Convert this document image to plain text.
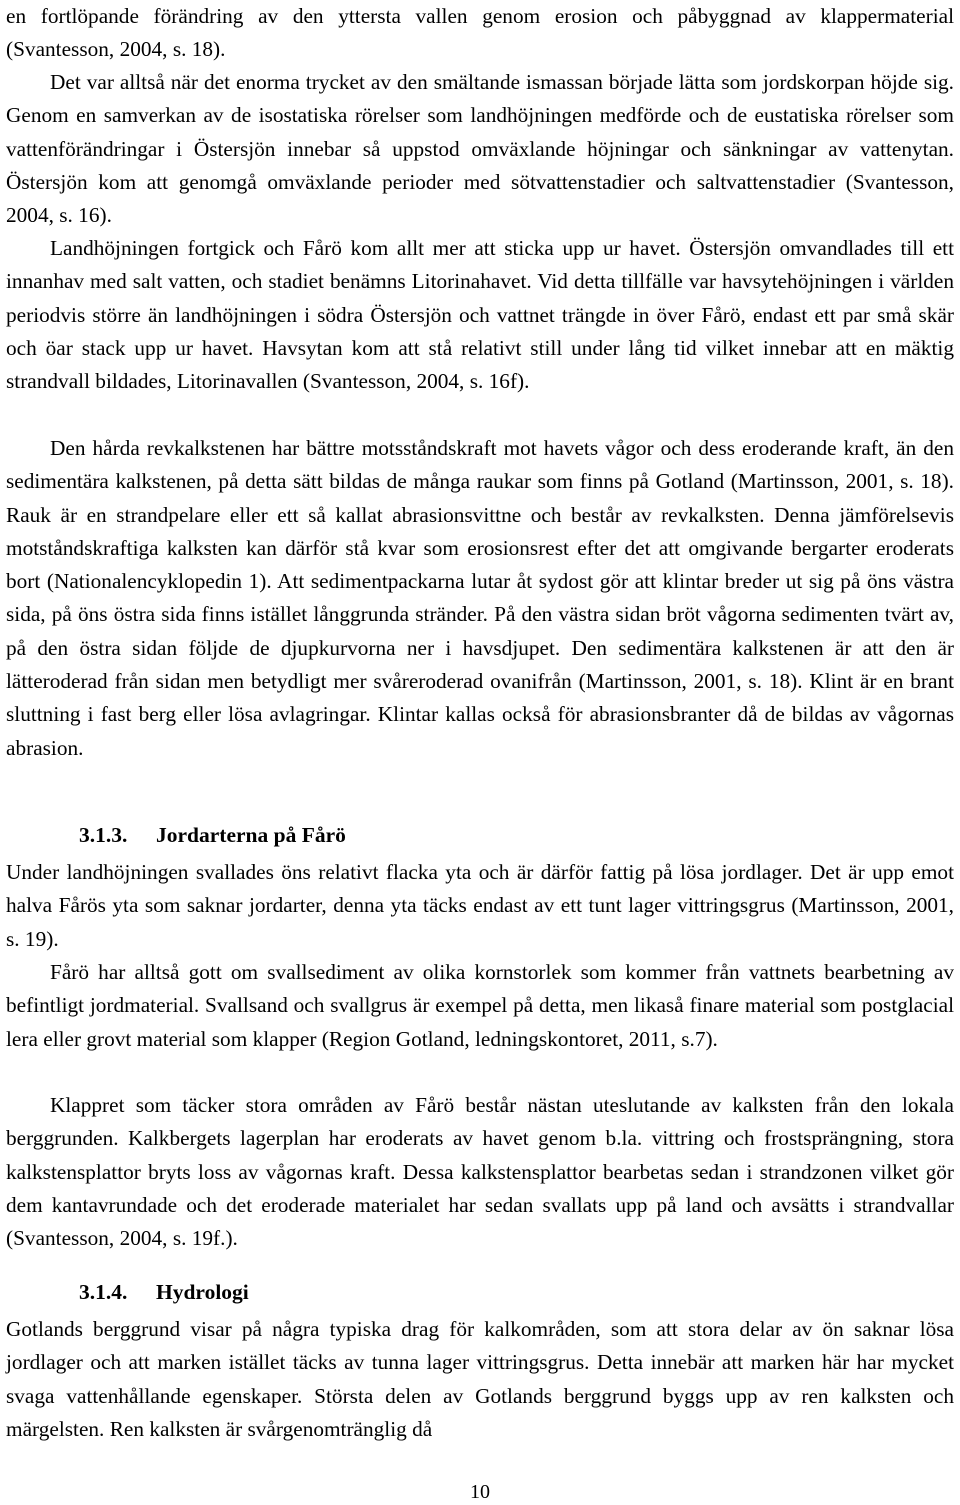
en fortlöpande förändring av den yttersta vallen genom erosion och påbyggnad av klappermaterial (Svantesson, 2004, s. 18).

Det var alltså när det enorma trycket av den smältande ismassan började lätta som jordskorpan höjde sig. Genom en samverkan av de isostatiska rörelser som landhöjningen medförde och de eustatiska rörelser som vattenförändringar i Östersjön innebar så uppstod omväxlande höjningar och sänkningar av vattenytan. Östersjön kom att genomgå omväxlande perioder med sötvattenstadier och saltvattenstadier (Svantesson, 2004, s. 16).

Landhöjningen fortgick och Fårö kom allt mer att sticka upp ur havet. Östersjön omvandlades till ett innanhav med salt vatten, och stadiet benämns Litorinahavet. Vid detta tillfälle var havsytehöjningen i världen periodvis större än landhöjningen i södra Östersjön och vattnet trängde in över Fårö, endast ett par små skär och öar stack upp ur havet. Havsytan kom att stå relativt still under lång tid vilket innebar att en mäktig strandvall bildades, Litorinavallen (Svantesson, 2004, s. 16f).

Den hårda revkalkstenen har bättre motsståndskraft mot havets vågor och dess eroderande kraft, än den sedimentära kalkstenen, på detta sätt bildas de många raukar som finns på Gotland (Martinsson, 2001, s. 18). Rauk är en strandpelare eller ett så kallat abrasionsvittne och består av revkalksten. Denna jämförelsevis motståndskraftiga kalksten kan därför stå kvar som erosionsrest efter det att omgivande bergarter eroderats bort (Nationalencyklopedin 1). Att sedimentpackarna lutar åt sydost gör att klintar breder ut sig på öns västra sida, på öns östra sida finns istället långgrunda stränder. På den västra sidan bröt vågorna sedimenten tvärt av, på den östra sidan följde de djupkurvorna ner i havsdjupet. Den sedimentära kalkstenen är att den är lätteroderad från sidan men betydligt mer svåreroderad ovanifrån (Martinsson, 2001, s. 18). Klint är en brant sluttning i fast berg eller lösa avlagringar. Klintar kallas också för abrasionsbranter då de bildas av vågornas abrasion.

3.1.3. Jordarterna på Fårö

Under landhöjningen svallades öns relativt flacka yta och är därför fattig på lösa jordlager. Det är upp emot halva Fårös yta som saknar jordarter, denna yta täcks endast av ett tunt lager vittringsgrus (Martinsson, 2001, s. 19).

Fårö har alltså gott om svallsediment av olika kornstorlek som kommer från vattnets bearbetning av befintligt jordmaterial. Svallsand och svallgrus är exempel på detta, men likaså finare material som postglacial lera eller grovt material som klapper (Region Gotland, ledningskontoret, 2011, s.7).

Klappret som täcker stora områden av Fårö består nästan uteslutande av kalksten från den lokala berggrunden. Kalkbergets lagerplan har eroderats av havet genom b.la. vittring och frostsprängning, stora kalkstensplattor bryts loss av vågornas kraft. Dessa kalkstensplattor bearbetas sedan i strandzonen vilket gör dem kantavrundade och det eroderade materialet har sedan svallats upp på land och avsätts i strandvallar (Svantesson, 2004, s. 19f.).

3.1.4. Hydrologi

Gotlands berggrund visar på några typiska drag för kalkområden, som att stora delar av ön saknar lösa jordlager och att marken istället täcks av tunna lager vittringsgrus. Detta innebär att marken här har mycket svaga vattenhållande egenskaper. Största delen av Gotlands berggrund byggs upp av ren kalksten och märgelsten. Ren kalksten är svårgenomtränglig då

10
